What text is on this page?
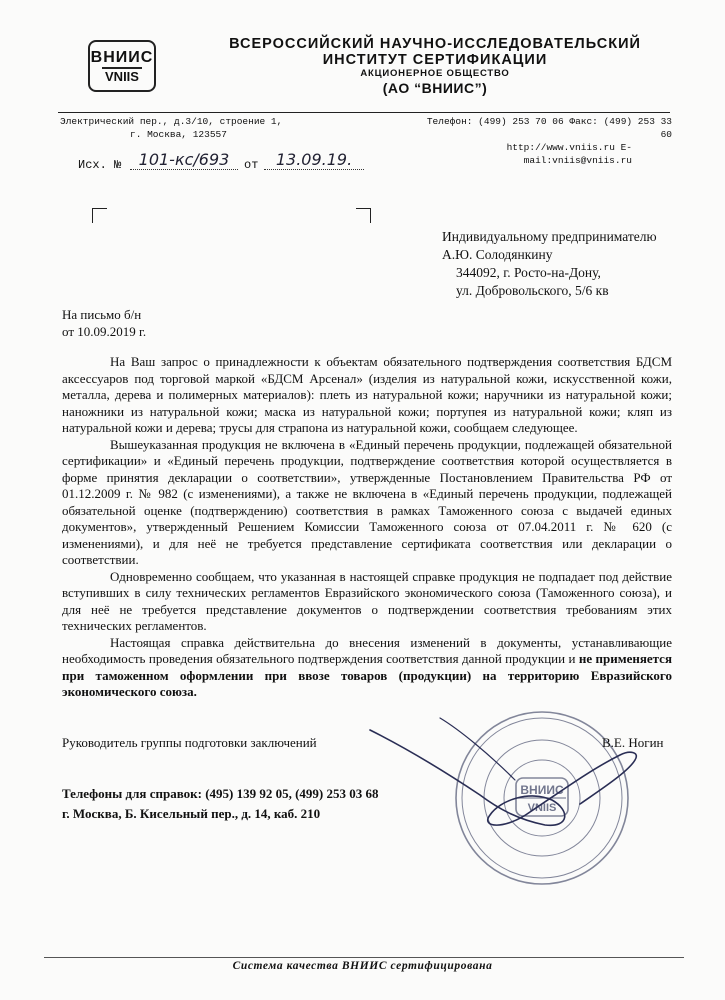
ВНИИС
VNIIS
ВСЕРОССИЙСКИЙ НАУЧНО-ИССЛЕДОВАТЕЛЬСКИЙ
ИНСТИТУТ СЕРТИФИКАЦИИ
АКЦИОНЕРНОЕ ОБЩЕСТВО
(АО “ВНИИС”)
Электрический пер., д.3/10, строение 1,
г. Москва, 123557
Телефон: (499) 253 70 06 Факс: (499) 253 33 60
http://www.vniis.ru E-mail:vniis@vniis.ru
Исх. №	101-кс/693	от	13.09.19.
Индивидуальному предпринимателю
А.Ю. Солодянкину
344092, г. Росто-на-Дону,
ул. Добровольского, 5/6 кв
На письмо б/н
от 10.09.2019 г.

На Ваш запрос о принадлежности к объектам обязательного подтверждения соответствия БДСМ аксессуаров под торговой маркой «БДСМ Арсенал» (изделия из натуральной кожи, искусственной кожи, металла, дерева и полимерных материалов): плеть из натуральной кожи; наручники из натуральной кожи; наножники из натуральной кожи; маска из натуральной кожи; портупея из натуральной кожи; кляп из натуральной кожи и дерева; трусы для страпона из натуральной кожи, сообщаем следующее.

Вышеуказанная продукция не включена в «Единый перечень продукции, подлежащей обязательной сертификации» и «Единый перечень продукции, подтверждение соответствия которой осуществляется в форме принятия декларации о соответствии», утвержденные Постановлением Правительства РФ от 01.12.2009 г. № 982 (с изменениями), а также не включена в «Единый перечень продукции, подлежащей обязательной оценке (подтверждению) соответствия в рамках Таможенного союза с выдачей единых документов», утвержденный Решением Комиссии Таможенного союза от 07.04.2011 г. № 620 (с изменениями), и для неё не требуется представление сертификата соответствия или декларации о соответствии.

Одновременно сообщаем, что указанная в настоящей справке продукция не подпадает под действие вступивших в силу технических регламентов Евразийского экономического союза (Таможенного союза), и для неё не требуется представление документов о подтверждении соответствия требованиям этих технических регламентов.

Настоящая справка действительна до внесения изменений в документы, устанавливающие необходимость проведения обязательного подтверждения соответствия данной продукции и не применяется при таможенном оформлении при ввозе товаров (продукции) на территорию Евразийского экономического союза.

ВНИИС
VNIIS
Руководитель группы подготовки заключений	В.Е. Ногин
Телефоны для справок: (495) 139 92 05, (499) 253 03 68
г. Москва, Б. Кисельный пер., д. 14, каб. 210
Система качества ВНИИС сертифицирована
